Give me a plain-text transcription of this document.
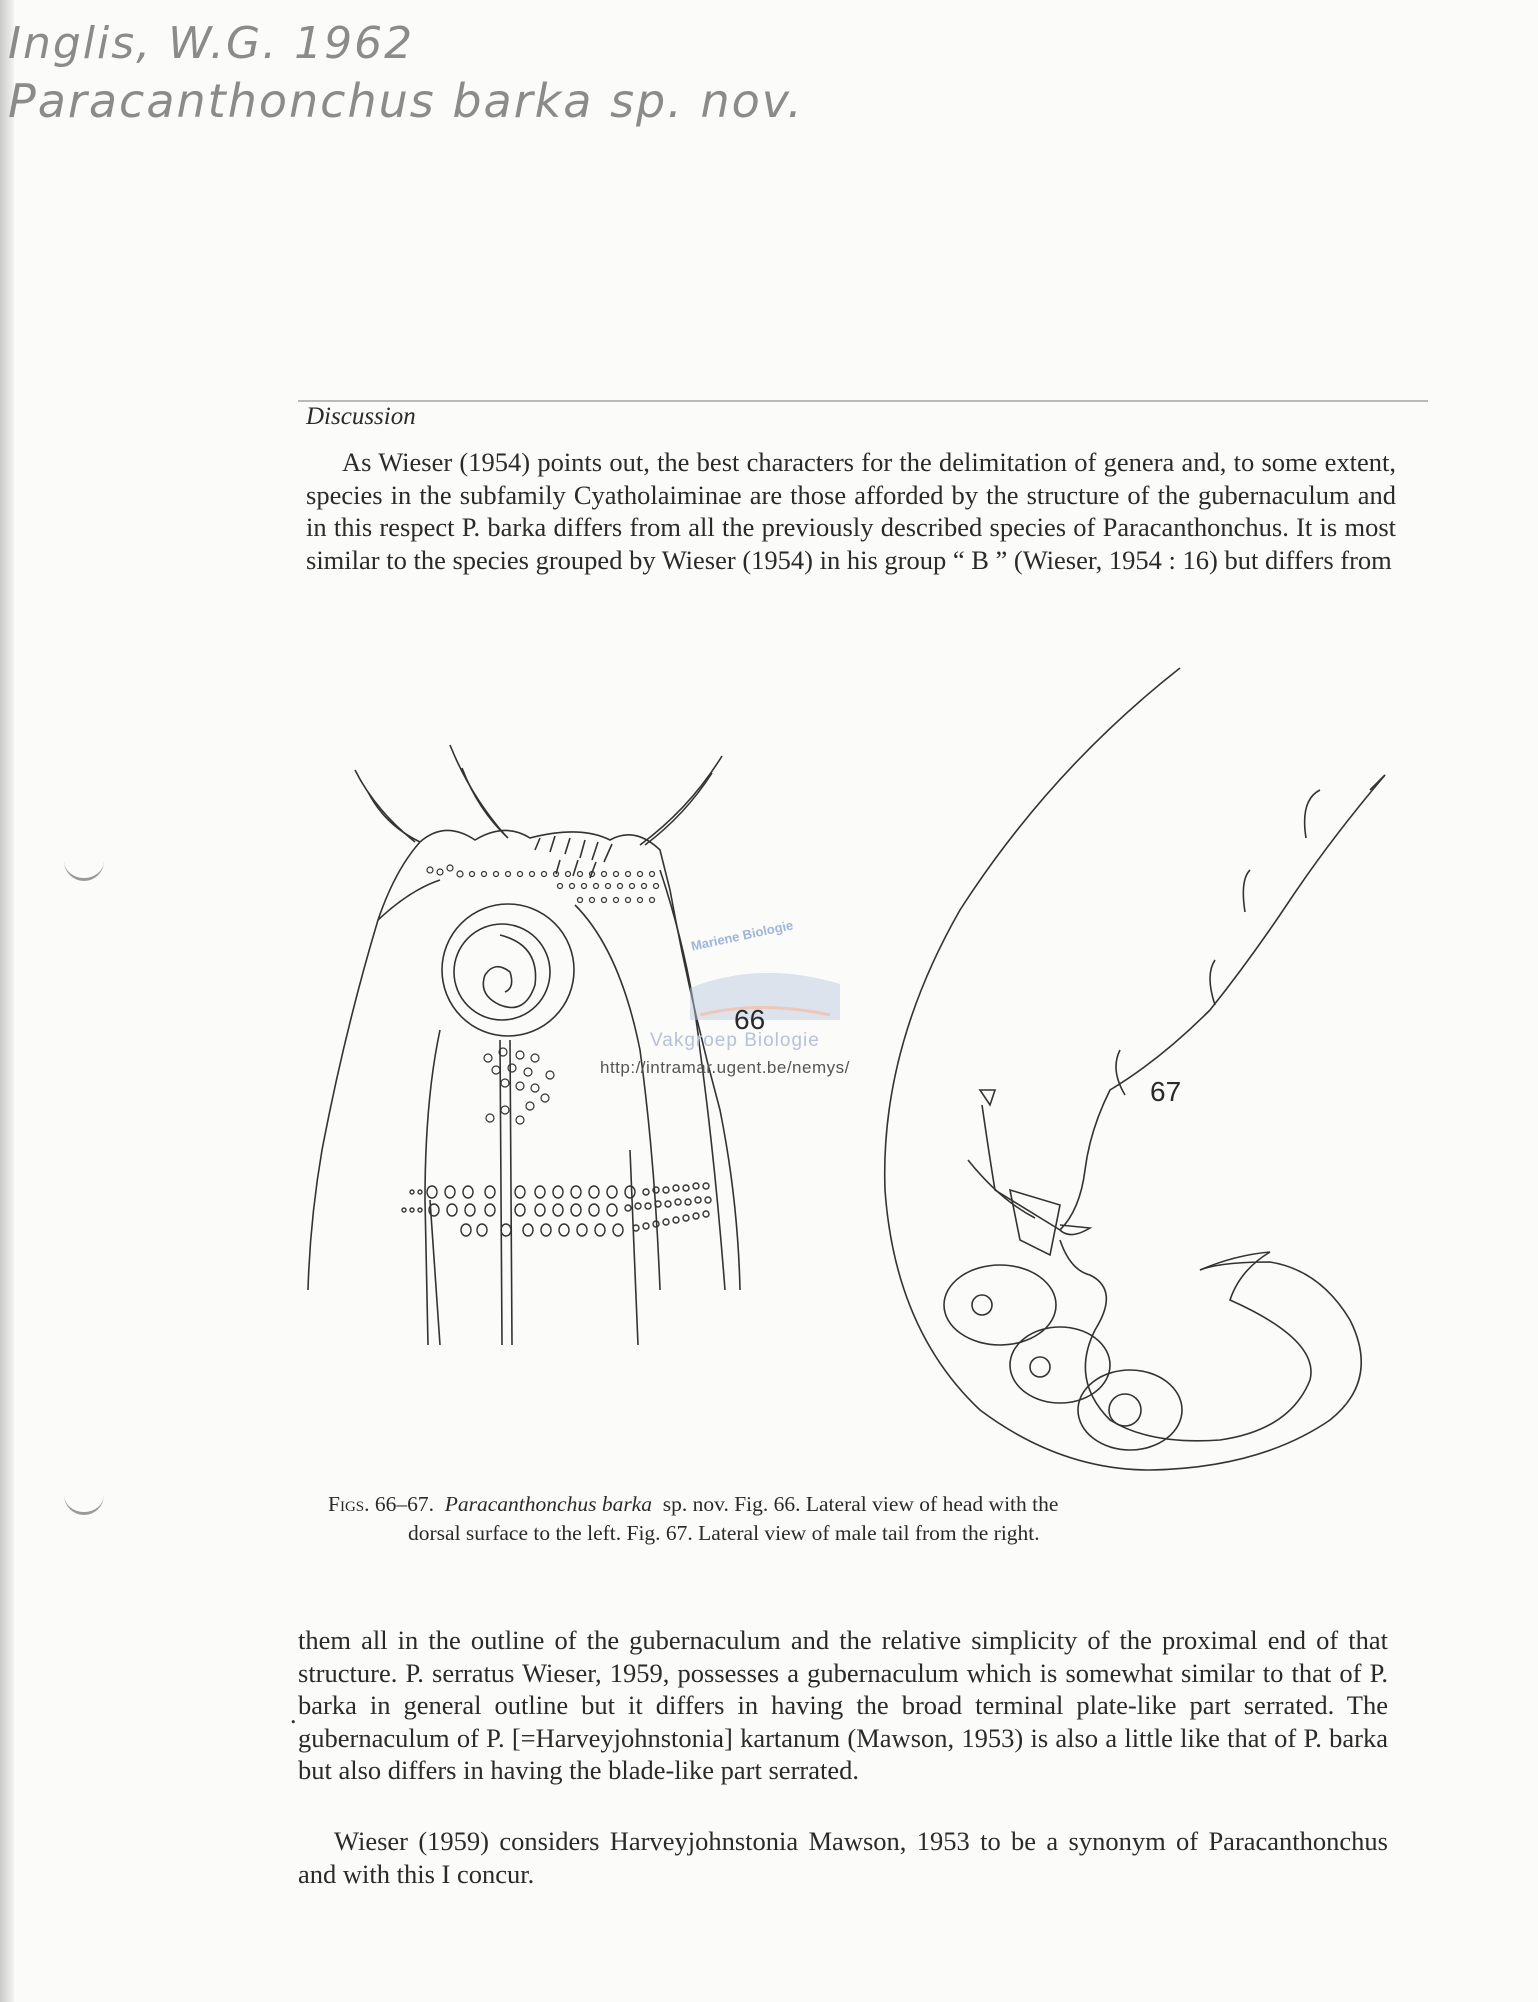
Inglis, W.G. 1962
Paracanthonchus barka sp. nov.
Discussion
As Wieser (1954) points out, the best characters for the delimitation of genera and, to some extent, species in the subfamily Cyatholaiminae are those afforded by the structure of the gubernaculum and in this respect P. barka differs from all the previously described species of Paracanthonchus. It is most similar to the species grouped by Wieser (1954) in his group “ B ” (Wieser, 1954 : 16) but differs from
66
67
Mariene Biologie
Vakgroep Biologie
http://intramar.ugent.be/nemys/
Figs. 66–67. Paracanthonchus barka sp. nov. Fig. 66. Lateral view of head with the
dorsal surface to the left. Fig. 67. Lateral view of male tail from the right.
.
them all in the outline of the gubernaculum and the relative simplicity of the proximal end of that structure. P. serratus Wieser, 1959, possesses a gubernaculum which is somewhat similar to that of P. barka in general outline but it differs in having the broad terminal plate-like part serrated. The gubernaculum of P. [=Harveyjohnstonia] kartanum (Mawson, 1953) is also a little like that of P. barka but also differs in having the blade-like part serrated.
Wieser (1959) considers Harveyjohnstonia Mawson, 1953 to be a synonym of Paracanthonchus and with this I concur.
